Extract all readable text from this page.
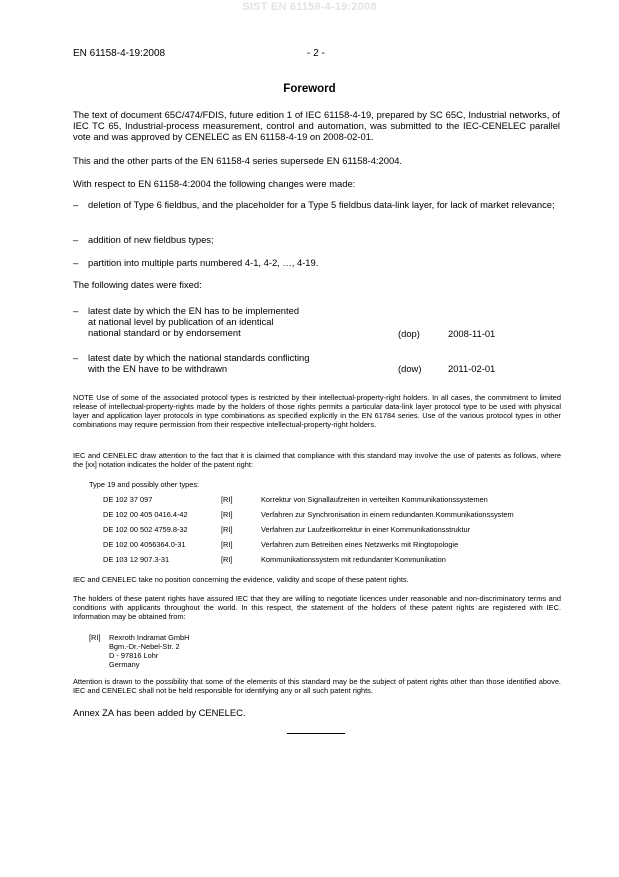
SIST EN 61158-4-19:2008
EN 61158-4-19:2008	- 2 -
Foreword

The text of document 65C/474/FDIS, future edition 1 of IEC 61158-4-19, prepared by SC 65C, Industrial networks, of IEC TC 65, Industrial-process measurement, control and automation, was submitted to the IEC-CENELEC parallel vote and was approved by CENELEC as EN 61158-4-19 on 2008-02-01.

This and the other parts of the EN 61158-4 series supersede EN 61158-4:2004.

With respect to EN 61158-4:2004 the following changes were made:

– deletion of Type 6 fieldbus, and the placeholder for a Type 5 fieldbus data-link layer, for lack of market relevance;

– addition of new fieldbus types;

– partition into multiple parts numbered 4-1, 4-2, …, 4-19.

The following dates were fixed:

– latest date by which the EN has to be implemented
at national level by publication of an identical
national standard or by endorsement	(dop)	2008-11-01
– latest date by which the national standards conflicting
with the EN have to be withdrawn	(dow)	2011-02-01

NOTE Use of some of the associated protocol types is restricted by their intellectual-property-right holders. In all cases, the commitment to limited release of intellectual-property-rights made by the holders of those rights permits a particular data-link layer protocol type to be used with physical layer and application layer protocols in type combinations as specified explicitly in the EN 61784 series. Use of the various protocol types in other combinations may require permission from their respective intellectual-property-right holders.

IEC and CENELEC draw attention to the fact that it is claimed that compliance with this standard may involve the use of patents as follows, where the [xx] notation indicates the holder of the patent right:

Type 19 and possibly other types:
DE 102 37 097	[RI]	Korrektur von Signallaufzeiten in verteilten Kommunikationssystemen
DE 102 00 405 0416.4-42	[RI]	Verfahren zur Synchronisation in einem redundanten Kommunikationssystem
DE 102 00 502 4759.8-32	[RI]	Verfahren zur Laufzeitkorrektur in einer Kommunikationsstruktur
DE 102 00 4056364.0-31	[RI]	Verfahren zum Betreiben eines Netzwerks mit Ringtopologie
DE 103 12 907.3-31	[RI]	Kommunikationssystem mit redundanter Kommunikation

IEC and CENELEC take no position concerning the evidence, validity and scope of these patent rights.

The holders of these patent rights have assured IEC that they are willing to negotiate licences under reasonable and non-discriminatory terms and conditions with applicants throughout the world. In this respect, the statement of the holders of these patent rights are registered with IEC. Information may be obtained from:

[RI] Rexroth Indramat GmbH
Bgm.-Dr.-Nebel-Str. 2
D - 97816 Lohr
Germany

Attention is drawn to the possibility that some of the elements of this standard may be the subject of patent rights other than those identified above. IEC and CENELEC shall not be held responsible for identifying any or all such patent rights.

Annex ZA has been added by CENELEC.
